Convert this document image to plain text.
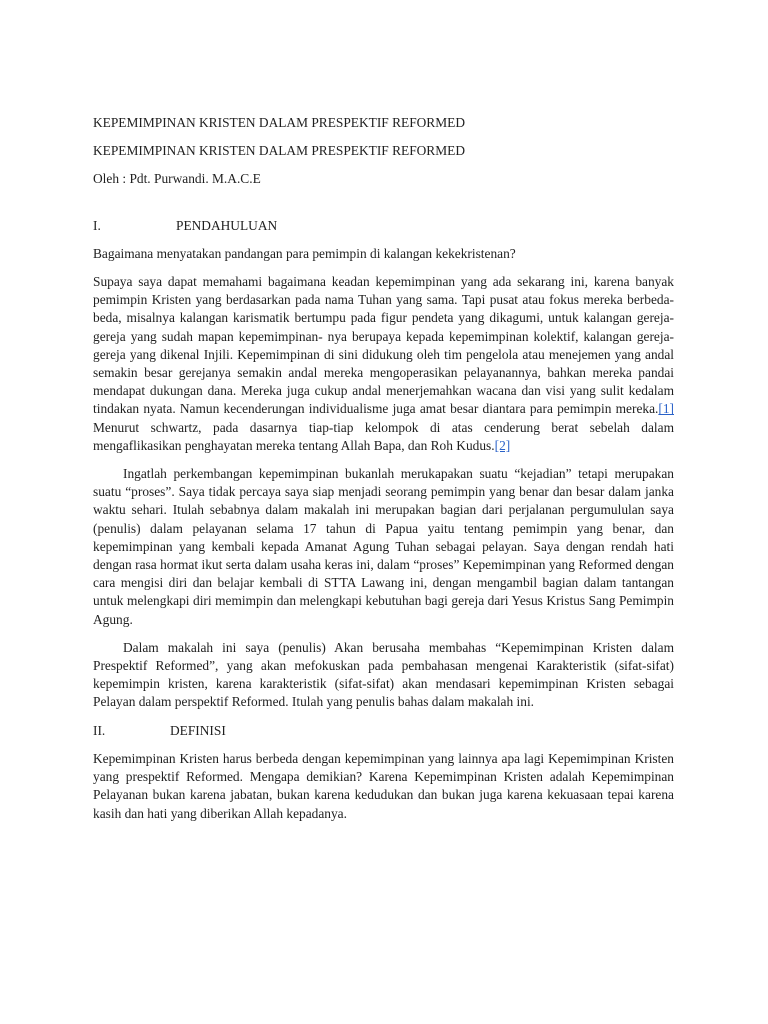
KEPEMIMPINAN KRISTEN DALAM PRESPEKTIF REFORMED

KEPEMIMPINAN KRISTEN DALAM PRESPEKTIF REFORMED

Oleh : Pdt. Purwandi. M.A.C.E

I.	PENDAHULUAN

Bagaimana menyatakan pandangan para pemimpin di kalangan kekekristenan?

Supaya saya dapat memahami bagaimana keadan kepemimpinan yang ada sekarang ini, karena banyak pemimpin Kristen yang berdasarkan pada nama Tuhan yang sama. Tapi pusat atau fokus mereka berbeda-beda, misalnya kalangan karismatik bertumpu pada figur pendeta yang dikagumi, untuk kalangan gereja-gereja yang sudah mapan kepemimpinan- nya berupaya kepada kepemimpinan kolektif, kalangan gereja-gereja yang dikenal Injili. Kepemimpinan di sini didukung oleh tim pengelola atau menejemen yang andal semakin besar gerejanya semakin andal mereka mengoperasikan pelayanannya, bahkan mereka pandai mendapat dukungan dana. Mereka juga cukup andal menerjemahkan wacana dan visi yang sulit kedalam tindakan nyata. Namun kecenderungan individualisme juga amat besar diantara para pemimpin mereka.[1] Menurut schwartz, pada dasarnya tiap-tiap kelompok di atas cenderung berat sebelah dalam mengaflikasikan penghayatan mereka tentang Allah Bapa, dan Roh Kudus.[2]

Ingatlah perkembangan kepemimpinan bukanlah merukapakan suatu “kejadian” tetapi merupakan suatu “proses”. Saya tidak percaya saya siap menjadi seorang pemimpin yang benar dan besar dalam janka waktu sehari. Itulah sebabnya dalam makalah ini merupakan bagian dari perjalanan pergumululan saya (penulis) dalam pelayanan selama 17 tahun di Papua yaitu tentang pemimpin yang benar, dan kepemimpinan yang kembali kepada Amanat Agung Tuhan sebagai pelayan. Saya dengan rendah hati dengan rasa hormat ikut serta dalam usaha keras ini, dalam “proses” Kepemimpinan yang Reformed dengan cara mengisi diri dan belajar kembali di STTA Lawang ini, dengan mengambil bagian dalam tantangan untuk melengkapi diri memimpin dan melengkapi kebutuhan bagi gereja dari Yesus Kristus Sang Pemimpin Agung.

Dalam makalah ini saya (penulis) Akan berusaha membahas “Kepemimpinan Kristen dalam Prespektif Reformed”, yang akan mefokuskan pada pembahasan mengenai Karakteristik (sifat-sifat) kepemimpin kristen, karena karakteristik (sifat-sifat) akan mendasari kepemimpinan Kristen sebagai Pelayan dalam perspektif Reformed. Itulah yang penulis bahas dalam makalah ini.

II.	DEFINISI

Kepemimpinan Kristen harus berbeda dengan kepemimpinan yang lainnya apa lagi Kepemimpinan Kristen yang prespektif Reformed. Mengapa demikian? Karena Kepemimpinan Kristen adalah Kepemimpinan Pelayanan bukan karena jabatan, bukan karena kedudukan dan bukan juga karena kekuasaan tepai karena kasih dan hati yang diberikan Allah kepadanya.
